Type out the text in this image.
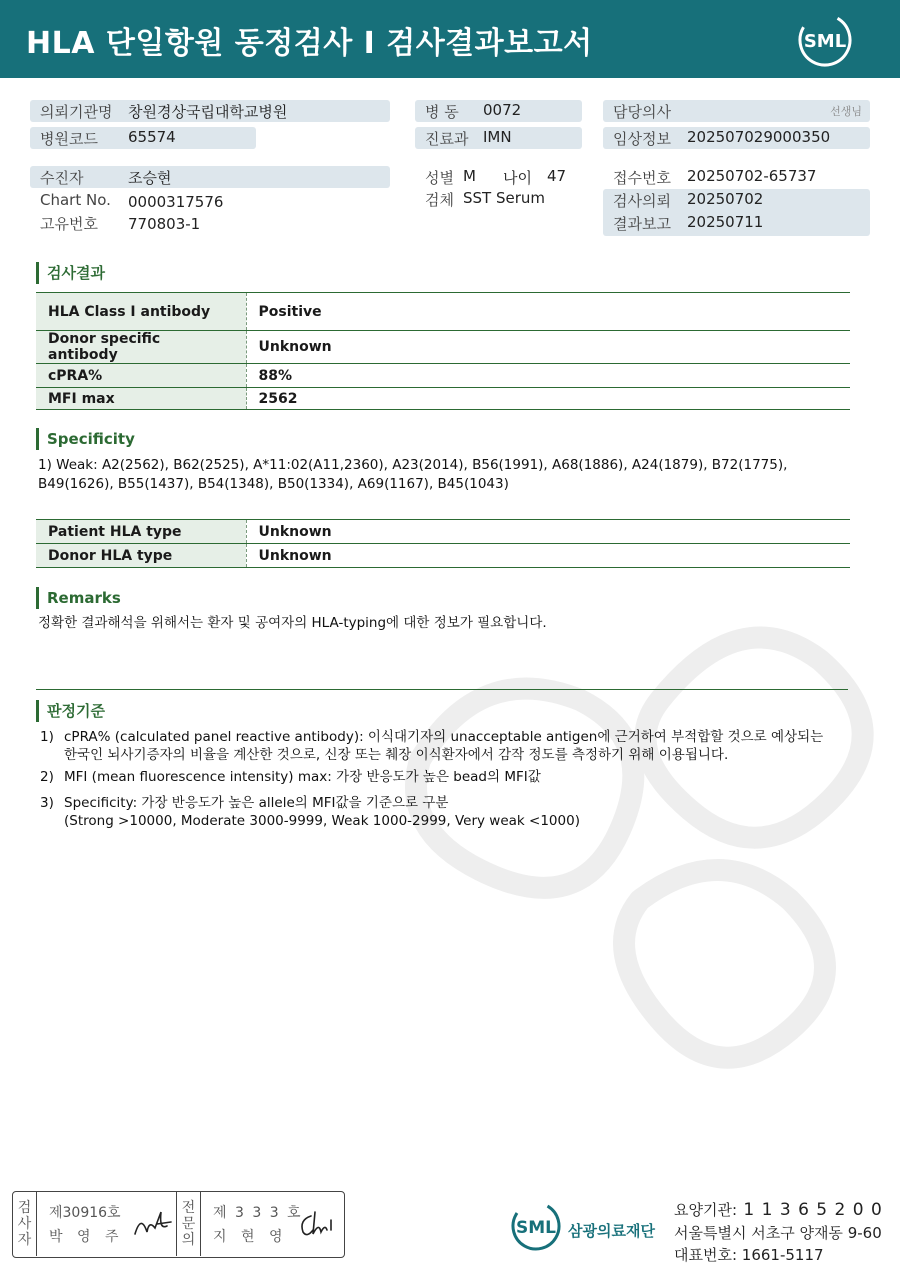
HLA 단일항원 동정검사 I 검사결과보고서	SML
의뢰기관명 창원경상국립대학교병원
병원코드 65574
병 동 0072
진료과 IMN
담당의사	선생님
임상정보 202507029000350
수진자	조승현
Chart No. 0000317576
고유번호 770803-1
성별 M 나이 47
검체 SST Serum
접수번호 20250702-65737
검사의뢰 20250702
결과보고 20250711
검사결과
HLA Class I antibody	Positive
Donor specific antibody	Unknown
cPRA%	88%
MFI max	2562
Specificity
1) Weak: A2(2562), B62(2525), A*11:02(A11,2360), A23(2014), B56(1991), A68(1886), A24(1879), B72(1775),
B49(1626), B55(1437), B54(1348), B50(1334), A69(1167), B45(1043)
Patient HLA type	Unknown
Donor HLA type	Unknown
Remarks
정확한 결과해석을 위해서는 환자 및 공여자의 HLA-typing에 대한 정보가 필요합니다.
판정기준
1) cPRA% (calculated panel reactive antibody): 이식대기자의 unacceptable antigen에 근거하여 부적합할 것으로 예상되는
한국인 뇌사기증자의 비율을 계산한 것으로, 신장 또는 췌장 이식환자에서 감작 정도를 측정하기 위해 이용됩니다.
2) MFI (mean fluorescence intensity) max: 가장 반응도가 높은 bead의 MFI값
3) Specificity: 가장 반응도가 높은 allele의 MFI값을 기준으로 구분
(Strong >10000, Moderate 3000-9999, Weak 1000-2999, Very weak <1000)
검
사
자
제30916호
박 영 주
전
문
의
제 3 3 3 호
지 현 영	SML 삼광의료재단
요양기관: 1 1 3 6 5 2 0 0
서울특별시 서초구 양재동 9-60
대표번호: 1661-5117
